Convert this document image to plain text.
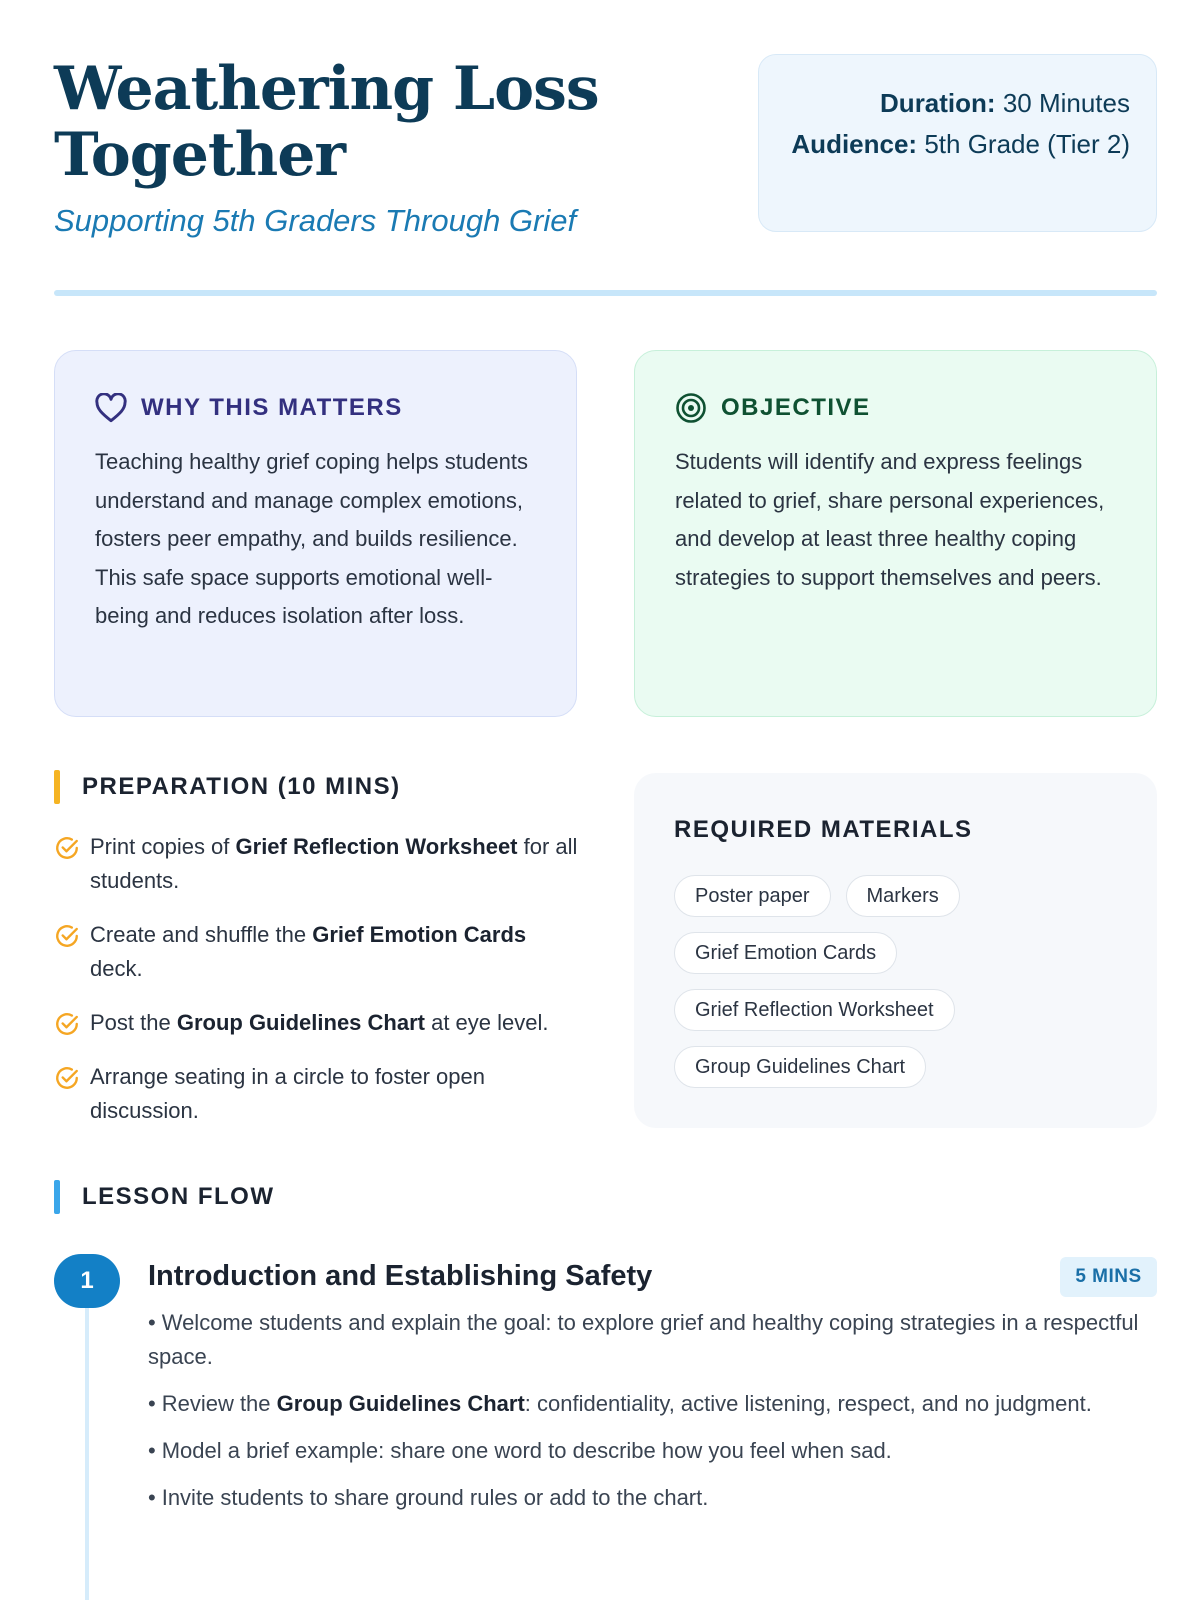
Weathering Loss Together
Supporting 5th Graders Through Grief
Duration: 30 Minutes
Audience: 5th Grade (Tier 2)
WHY THIS MATTERS

Teaching healthy grief coping helps students understand and manage complex emotions, fosters peer empathy, and builds resilience. This safe space supports emotional well-being and reduces isolation after loss.

OBJECTIVE

Students will identify and express feelings related to grief, share personal experiences, and develop at least three healthy coping strategies to support themselves and peers.

PREPARATION (10 MINS)
Print copies of Grief Reflection Worksheet for all students.
Create and shuffle the Grief Emotion Cards deck.
Post the Group Guidelines Chart at eye level.
Arrange seating in a circle to foster open discussion.
REQUIRED MATERIALS
Poster paper	Markers
Grief Emotion Cards
Grief Reflection Worksheet
Group Guidelines Chart
LESSON FLOW
1	Introduction and Establishing Safety	5 MINS
• Welcome students and explain the goal: to explore grief and healthy coping strategies in a respectful space.
• Review the Group Guidelines Chart: confidentiality, active listening, respect, and no judgment.
• Model a brief example: share one word to describe how you feel when sad.
• Invite students to share ground rules or add to the chart.
